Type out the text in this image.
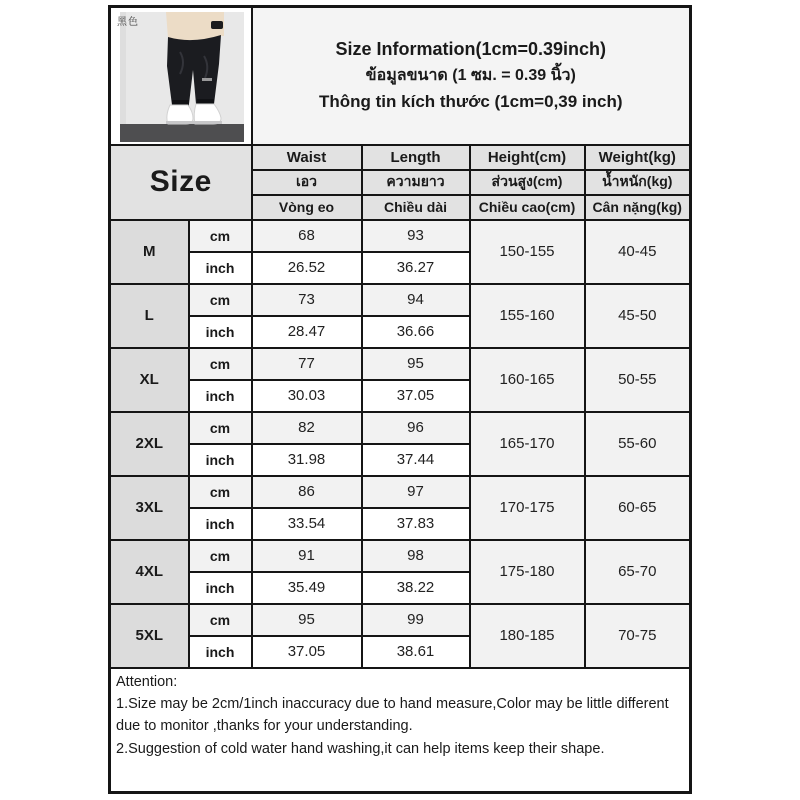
黑色		Size Information(1cm=0.39inch)
ข้อมูลขนาด (1 ซม. = 0.39 นิ้ว)
Thông tin kích thước (1cm=0,39 inch)			

Size		Waist	Length	Height(cm)	Weight(kg)
		เอว	ความยาว	ส่วนสูง(cm)	น้ำหนัก(kg)
		Vòng eo	Chiều dài	Chiều cao(cm)	Cân nặng(kg)
M	cm	68	93	150-155	40-45
	inch	26.52	36.27		
L	cm	73	94	155-160	45-50
	inch	28.47	36.66		
XL	cm	77	95	160-165	50-55
	inch	30.03	37.05		
2XL	cm	82	96	165-170	55-60
	inch	31.98	37.44		
3XL	cm	86	97	170-175	60-65
	inch	33.54	37.83		
4XL	cm	91	98	175-180	65-70
	inch	35.49	38.22		
5XL	cm	95	99	180-185	70-75
	inch	37.05	38.61		

Attention:
1.Size may be 2cm/1inch inaccuracy due to hand measure,Color may be little different due to monitor ,thanks for your understanding.
2.Suggestion of cold water hand washing,it can help items keep their shape.					
